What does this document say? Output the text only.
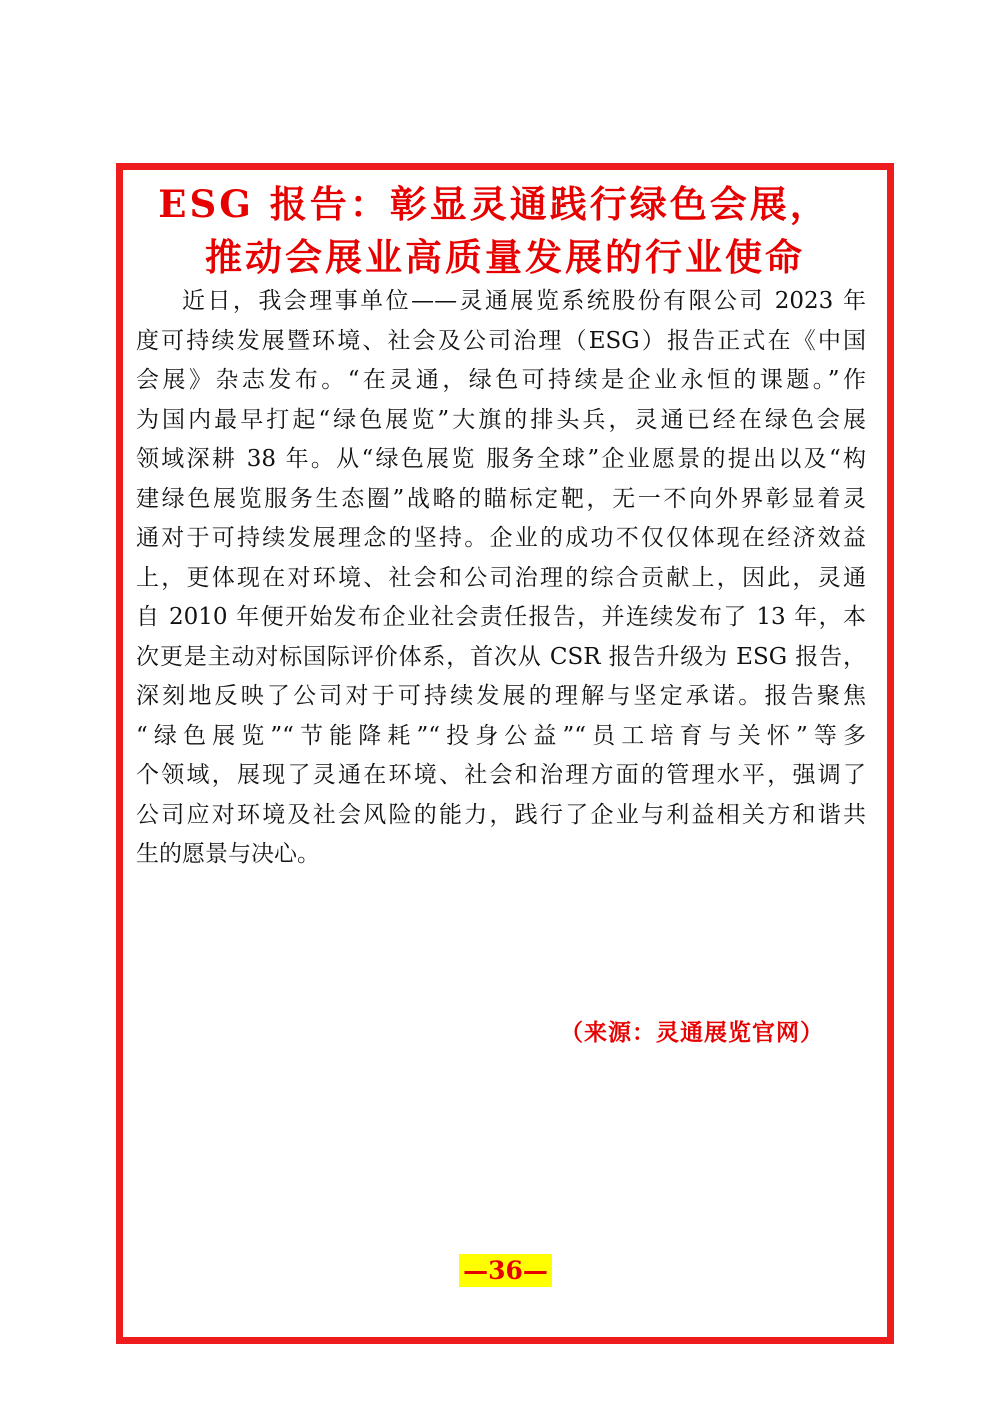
ESG 报告：彰显灵通践行绿色会展，
推动会展业高质量发展的行业使命
近日，我会理事单位——灵通展览系统股份有限公司 2023 年
度可持续发展暨环境、社会及公司治理（ESG）报告正式在《中国
会展》杂志发布。“在灵通，绿色可持续是企业永恒的课题。”作
为国内最早打起“绿色展览”大旗的排头兵，灵通已经在绿色会展
领域深耕 38 年。从“绿色展览 服务全球”企业愿景的提出以及“构
建绿色展览服务生态圈”战略的瞄标定靶，无一不向外界彰显着灵
通对于可持续发展理念的坚持。企业的成功不仅仅体现在经济效益
上，更体现在对环境、社会和公司治理的综合贡献上，因此，灵通
自 2010 年便开始发布企业社会责任报告，并连续发布了 13 年，本
次更是主动对标国际评价体系，首次从 CSR 报告升级为 ESG 报告，
深刻地反映了公司对于可持续发展的理解与坚定承诺。报告聚焦
“绿色展览”“节能降耗”“投身公益”“员工培育与关怀”等多
个领域，展现了灵通在环境、社会和治理方面的管理水平，强调了
公司应对环境及社会风险的能力，践行了企业与利益相关方和谐共
生的愿景与决心。

（来源：灵通展览官网）

—36—
